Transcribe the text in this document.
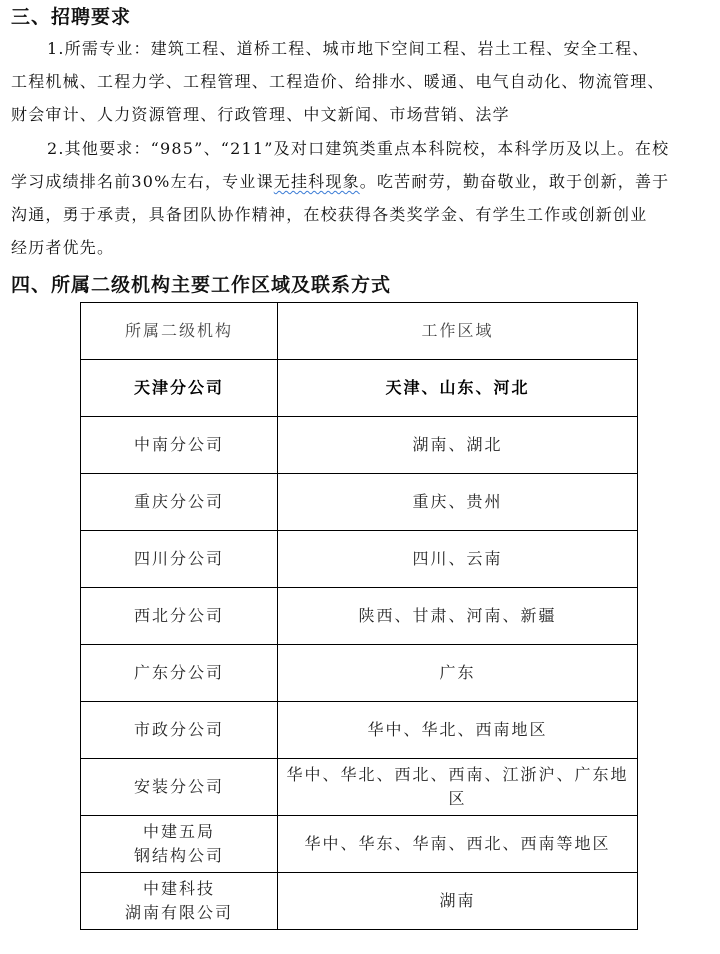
三、招聘要求
1.所需专业：建筑工程、道桥工程、城市地下空间工程、岩土工程、安全工程、
工程机械、工程力学、工程管理、工程造价、给排水、暖通、电气自动化、物流管理、
财会审计、人力资源管理、行政管理、中文新闻、市场营销、法学
2.其他要求：“985”、“211”及对口建筑类重点本科院校，本科学历及以上。在校
学习成绩排名前30%左右，专业课无挂科现象。吃苦耐劳，勤奋敬业，敢于创新，善于
沟通，勇于承责，具备团队协作精神，在校获得各类奖学金、有学生工作或创新创业
经历者优先。
四、所属二级机构主要工作区域及联系方式
所属二级机构	工作区域
天津分公司	天津、山东、河北
中南分公司	湖南、湖北
重庆分公司	重庆、贵州
四川分公司	四川、云南
西北分公司	陕西、甘肃、河南、新疆
广东分公司	广东
市政分公司	华中、华北、西南地区
安装分公司	华中、华北、西北、西南、江浙沪、广东地区

中建五局
钢结构公司	华中、华东、华南、西北、西南等地区

中建科技
湖南有限公司	湖南
